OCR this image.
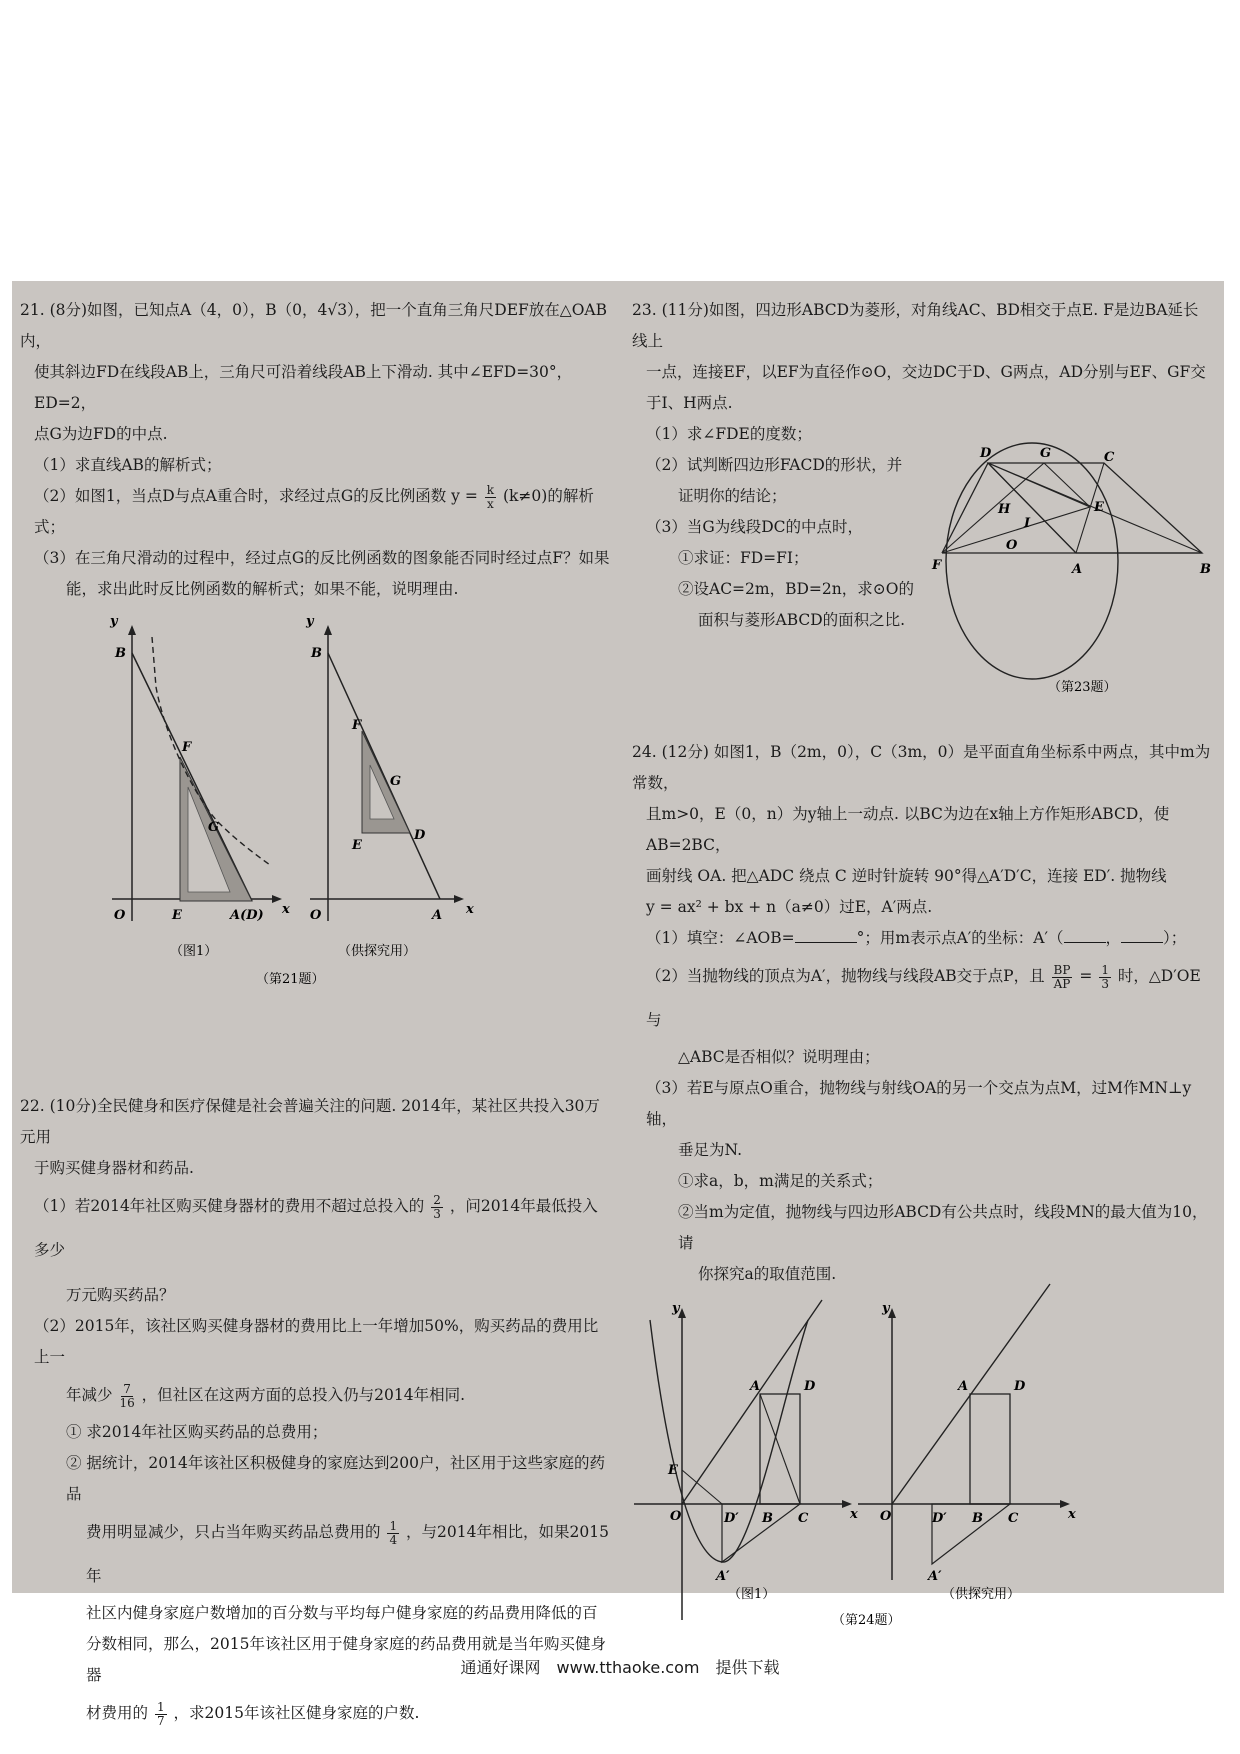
21. (8分)如图，已知点A（4，0），B（0，4√3），把一个直角三角尺DEF放在△OAB内，

使其斜边FD在线段AB上，三角尺可沿着线段AB上下滑动. 其中∠EFD=30°，ED=2，

点G为边FD的中点.

（1）求直线AB的解析式；

（2）如图1，当点D与点A重合时，求经过点G的反比例函数 $y = \frac{k}{x} (k\ne 0)$的解析式；

（3）在三角尺滑动的过程中，经过点G的反比例函数的图象能否同时经过点F？如果

能，求出此时反比例函数的解析式；如果不能，说明理由.

y
x
O
B
F
G
E	A(D)
（图1）
y
x
O
B
F
G
E
D
A
（供探究用）
（第21题）

22. (10分)全民健身和医疗保健是社会普遍关注的问题. 2014年，某社区共投入30万元用

于购买健身器材和药品.

（1）若2014年社区购买健身器材的费用不超过总投入的 $\frac{2}{3}$ ，问2014年最低投入多少

万元购买药品？

（2）2015年，该社区购买健身器材的费用比上一年增加50%，购买药品的费用比上一

年减少 $\frac{7}{16}$ ，但社区在这两方面的总投入仍与2014年相同.

① 求2014年社区购买药品的总费用；

② 据统计，2014年该社区积极健身的家庭达到200户，社区用于这些家庭的药品

费用明显减少，只占当年购买药品总费用的 $\frac{1}{4}$ ，与2014年相比，如果2015年

社区内健身家庭户数增加的百分数与平均每户健身家庭的药品费用降低的百

分数相同，那么，2015年该社区用于健身家庭的药品费用就是当年购买健身器

材费用的 $\frac{1}{7}$ ，求2015年该社区健身家庭的户数.

23. (11分)如图，四边形ABCD为菱形，对角线AC、BD相交于点E. F是边BA延长线上

一点，连接EF，以EF为直径作⊙O，交边DC于D、G两点，AD分别与EF、GF交

于I、H两点.

（1）求∠FDE的度数；

（2）试判断四边形FACD的形状，并

证明你的结论；

（3）当G为线段DC的中点时，

①求证：FD=FI；

②设AC=2m，BD=2n，求⊙O的

面积与菱形ABCD的面积之比.

D	G	C
H
I
E
O
F	A	B
（第23题）

24. (12分) 如图1，B（2m，0），C（3m，0）是平面直角坐标系中两点，其中m为常数，

且m>0，E（0，n）为y轴上一动点. 以BC为边在x轴上方作矩形ABCD，使AB=2BC，

画射线 OA. 把△ADC 绕点 C 逆时针旋转 90°得△A′D′C，连接 ED′. 抛物线

y = ax² + bx + n（a≠0）过E，A′两点.

（1）填空：∠AOB=	°；用m表示点A′的坐标：A′（	，	）；

（2）当抛物线的顶点为A′，抛物线与线段AB交于点P，且 $\frac{BP}{AP} = \frac{1}{3}$ 时，△D′OE与

△ABC是否相似？说明理由；

（3）若E与原点O重合，抛物线与射线OA的另一个交点为点M，过M作MN⊥y轴，

垂足为N.

①求a，b，m满足的关系式；

②当m为定值，抛物线与四边形ABCD有公共点时，线段MN的最大值为10，请

你探究a的取值范围.

y
x
A	D
E
O	D′ B C
A′
（图1）
y
x
A	D
O	D′ B C
A′
（供探究用）
（第24题）
通通好课网　www.tthaoke.com　提供下载
